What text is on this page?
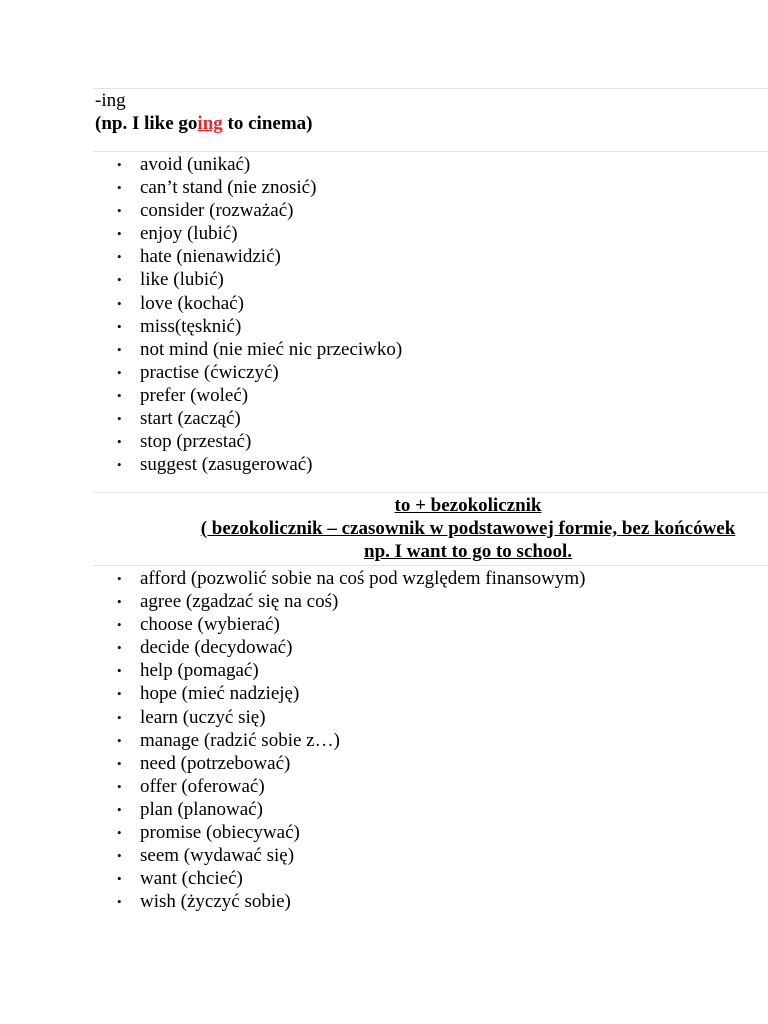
-ing
(np. I like going to cinema)
• avoid (unikać)
• can’t stand (nie znosić)
• consider (rozważać)
• enjoy (lubić)
• hate (nienawidzić)
• like (lubić)
• love (kochać)
• miss(tęsknić)
• not mind (nie mieć nic przeciwko)
• practise (ćwiczyć)
• prefer (woleć)
• start (zacząć)
• stop (przestać)
• suggest (zasugerować)
to + bezokolicznik
( bezokolicznik – czasownik w podstawowej formie, bez końcówek
np. I want to go to school.
• afford (pozwolić sobie na coś pod względem finansowym)
• agree (zgadzać się na coś)
• choose (wybierać)
• decide (decydować)
• help (pomagać)
• hope (mieć nadzieję)
• learn (uczyć się)
• manage (radzić sobie z…)
• need (potrzebować)
• offer (oferować)
• plan (planować)
• promise (obiecywać)
• seem (wydawać się)
• want (chcieć)
• wish (życzyć sobie)
